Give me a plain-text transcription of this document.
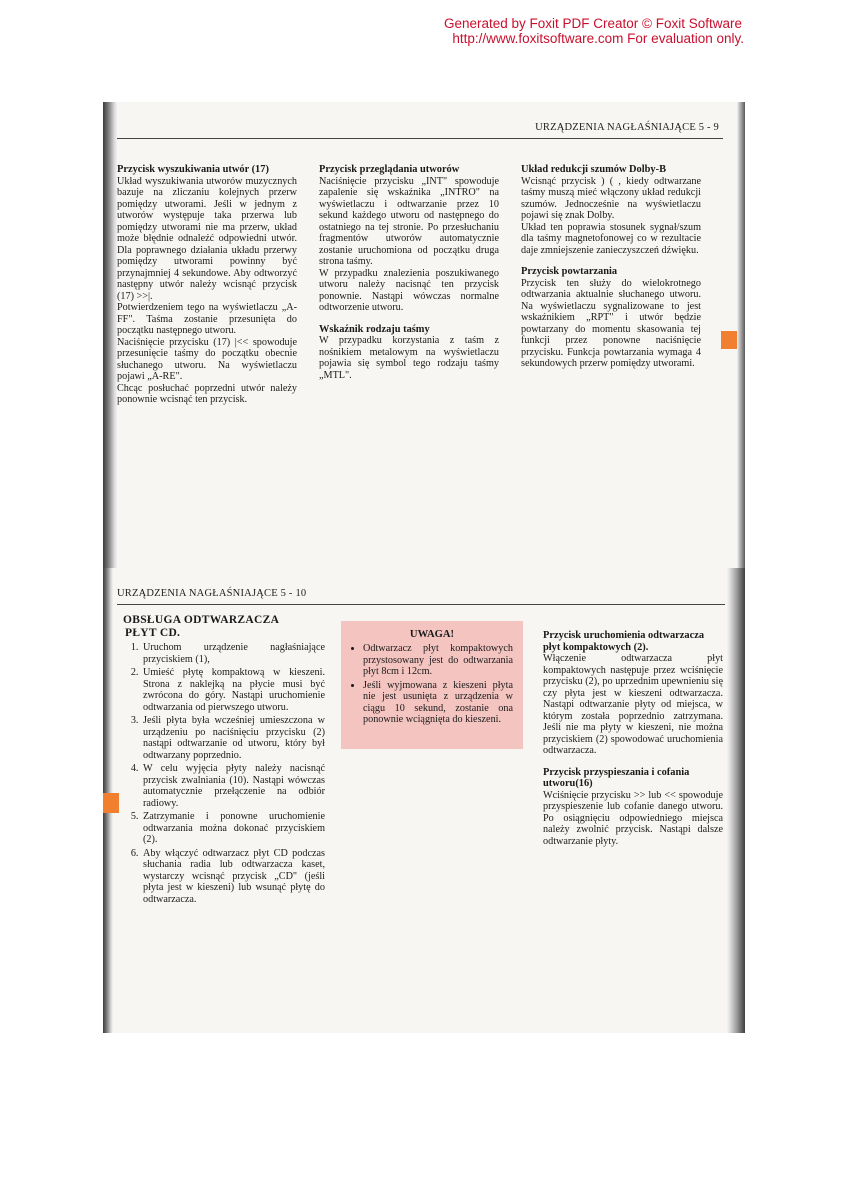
Generated by Foxit PDF Creator © Foxit Software
http://www.foxitsoftware.com For evaluation only.
URZĄDZENIA NAGŁAŚNIAJĄCE 5 - 9
Przycisk wyszukiwania utwór (17)

Układ wyszukiwania utworów muzycznych bazuje na zliczaniu kolejnych przerw pomiędzy utworami. Jeśli w jednym z utworów występuje taka przerwa lub pomiędzy utworami nie ma przerw, układ może błędnie odnaleźć odpowiedni utwór. Dla poprawnego działania układu przerwy pomiędzy utworami powinny być przynajmniej 4 sekundowe. Aby odtworzyć następny utwór należy wcisnąć przycisk (17) >>|.

Potwierdzeniem tego na wyświetlaczu „A-FF". Taśma zostanie przesunięta do początku następnego utworu.

Naciśnięcie przycisku (17) |<< spowoduje przesunięcie taśmy do początku obecnie słuchanego utworu. Na wyświetlaczu pojawi „A-RE".

Chcąc posłuchać poprzedni utwór należy ponownie wcisnąć ten przycisk.

Przycisk przeglądania utworów

Naciśnięcie przycisku „INT" spowoduje zapalenie się wskaźnika „INTRO" na wyświetlaczu i odtwarzanie przez 10 sekund każdego utworu od następnego do ostatniego na tej stronie. Po przesłuchaniu fragmentów utworów automatycznie zostanie uruchomiona od początku druga strona taśmy.

W przypadku znalezienia poszukiwanego utworu należy nacisnąć ten przycisk ponownie. Nastąpi wówczas normalne odtworzenie utworu.

Wskaźnik rodzaju taśmy

W przypadku korzystania z taśm z nośnikiem metalowym na wyświetlaczu pojawia się symbol tego rodzaju taśmy „MTL".

Układ redukcji szumów Dolby-B

Wcisnąć przycisk ) ( , kiedy odtwarzane taśmy muszą mieć włączony układ redukcji szumów. Jednocześnie na wyświetlaczu pojawi się znak Dolby.

Układ ten poprawia stosunek sygnał/szum dla taśmy magnetofonowej co w rezultacie daje zmniejszenie zanieczyszczeń dźwięku.

Przycisk powtarzania

Przycisk ten służy do wielokrotnego odtwarzania aktualnie słuchanego utworu. Na wyświetlaczu sygnalizowane to jest wskaźnikiem „RPT" i utwór będzie powtarzany do momentu skasowania tej funkcji przez ponowne naciśnięcie przycisku. Funkcja powtarzania wymaga 4 sekundowych przerw pomiędzy utworami.

URZĄDZENIA NAGŁAŚNIAJĄCE 5 - 10
OBSŁUGA ODTWARZACZA
PŁYT CD.
1. Uruchom urządzenie nagłaśniające przyciskiem (1),
2. Umieść płytę kompaktową w kieszeni. Strona z naklejką na płycie musi być zwrócona do góry. Nastąpi uruchomienie odtwarzania od pierwszego utworu.
3. Jeśli płyta była wcześniej umieszczona w urządzeniu po naciśnięciu przycisku (2) nastąpi odtwarzanie od utworu, który był odtwarzany poprzednio.
4. W celu wyjęcia płyty należy nacisnąć przycisk zwalniania (10). Nastąpi wówczas automatycznie przełączenie na odbiór radiowy.
5. Zatrzymanie i ponowne uruchomienie odtwarzania można dokonać przyciskiem (2).
6. Aby włączyć odtwarzacz płyt CD podczas słuchania radia lub odtwarzacza kaset, wystarczy wcisnąć przycisk „CD" (jeśli płyta jest w kieszeni) lub wsunąć płytę do odtwarzacza.
UWAGA!
• Odtwarzacz płyt kompaktowych przystosowany jest do odtwarzania płyt 8cm i 12cm.
• Jeśli wyjmowana z kieszeni płyta nie jest usunięta z urządzenia w ciągu 10 sekund, zostanie ona ponownie wciągnięta do kieszeni.
Przycisk uruchomienia odtwarzacza płyt kompaktowych (2).

Włączenie odtwarzacza płyt kompaktowych następuje przez wciśnięcie przycisku (2), po uprzednim upewnieniu się czy płyta jest w kieszeni odtwarzacza. Nastąpi odtwarzanie płyty od miejsca, w którym została poprzednio zatrzymana. Jeśli nie ma płyty w kieszeni, nie można przyciskiem (2) spowodować uruchomienia odtwarzacza.

Przycisk przyspieszania i cofania utworu(16)

Wciśnięcie przycisku >> lub << spowoduje przyspieszenie lub cofanie danego utworu. Po osiągnięciu odpowiedniego miejsca należy zwolnić przycisk. Nastąpi dalsze odtwarzanie płyty.
